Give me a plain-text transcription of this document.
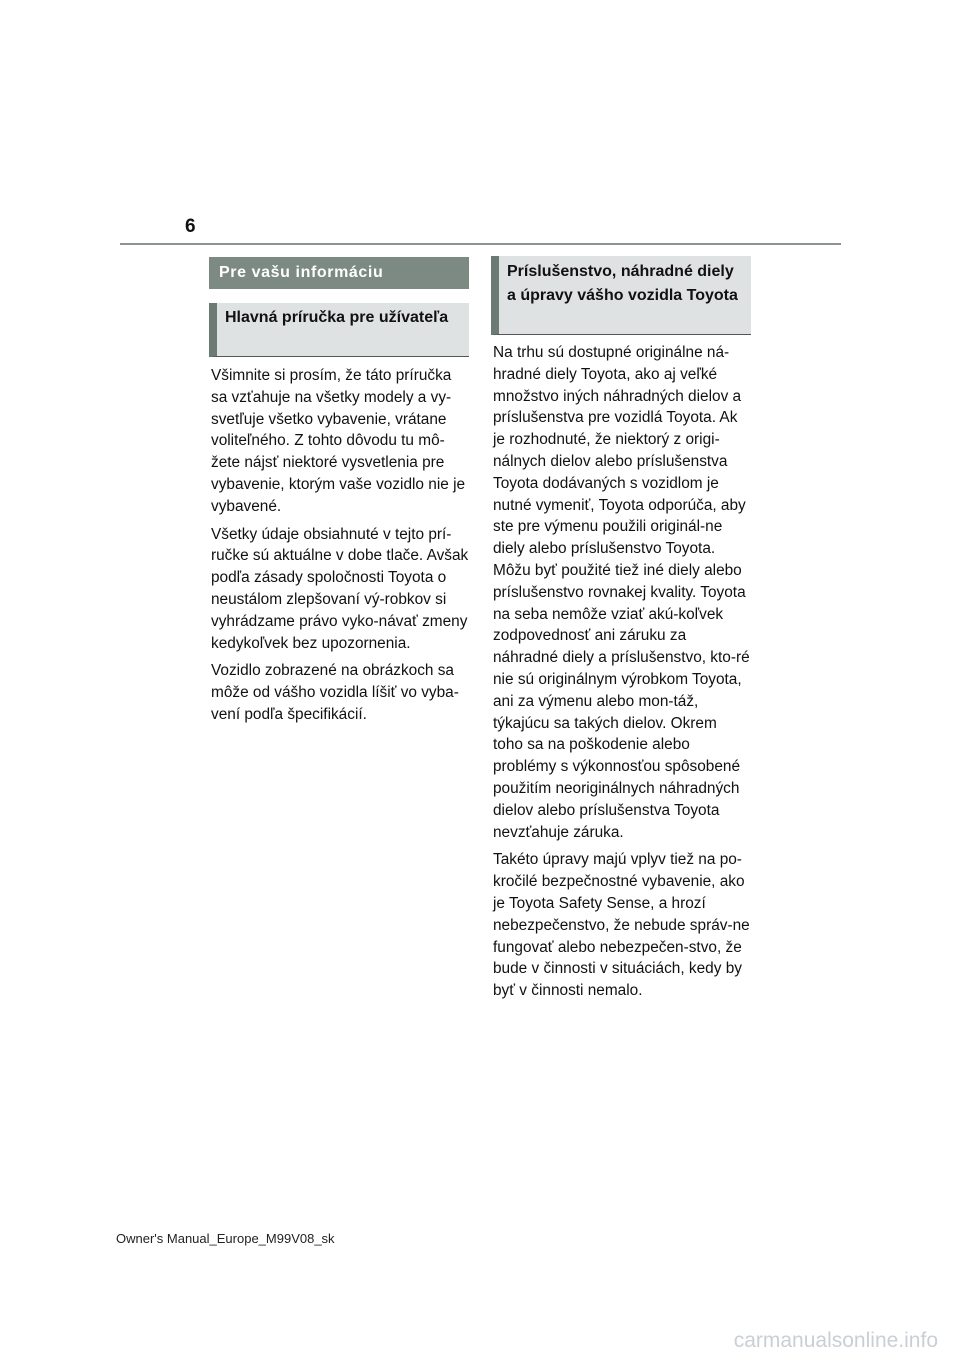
6
Pre vašu informáciu
Hlavná príručka pre užívateľa

Všimnite si prosím, že táto príručka sa vzťahuje na všetky modely a vy-svetľuje všetko vybavenie, vrátane voliteľného. Z tohto dôvodu tu mô-žete nájsť niektoré vysvetlenia pre vybavenie, ktorým vaše vozidlo nie je vybavené.

Všetky údaje obsiahnuté v tejto prí-ručke sú aktuálne v dobe tlače. Avšak podľa zásady spoločnosti Toyota o neustálom zlepšovaní vý-robkov si vyhrádzame právo vyko-návať zmeny kedykoľvek bez upozornenia.

Vozidlo zobrazené na obrázkoch sa môže od vášho vozidla líšiť vo vyba-vení podľa špecifikácií.

Príslušenstvo, náhradné diely a úpravy vášho vozidla Toyota

Na trhu sú dostupné originálne ná-hradné diely Toyota, ako aj veľké množstvo iných náhradných dielov a príslušenstva pre vozidlá Toyota. Ak je rozhodnuté, že niektorý z origi-nálnych dielov alebo príslušenstva Toyota dodávaných s vozidlom je nutné vymeniť, Toyota odporúča, aby ste pre výmenu použili originál-ne diely alebo príslušenstvo Toyota. Môžu byť použité tiež iné diely alebo príslušenstvo rovnakej kvality. Toyota na seba nemôže vziať akú-koľvek zodpovednosť ani záruku za náhradné diely a príslušenstvo, kto-ré nie sú originálnym výrobkom Toyota, ani za výmenu alebo mon-táž, týkajúcu sa takých dielov. Okrem toho sa na poškodenie alebo problémy s výkonnosťou spôsobené použitím neoriginálnych náhradných dielov alebo príslušenstva Toyota nevzťahuje záruka.

Takéto úpravy majú vplyv tiež na po-kročilé bezpečnostné vybavenie, ako je Toyota Safety Sense, a hrozí nebezpečenstvo, že nebude správ-ne fungovať alebo nebezpečen-stvo, že bude v činnosti v situáciách, kedy by byť v činnosti nemalo.

Owner's Manual_Europe_M99V08_sk
carmanualsonline.info
